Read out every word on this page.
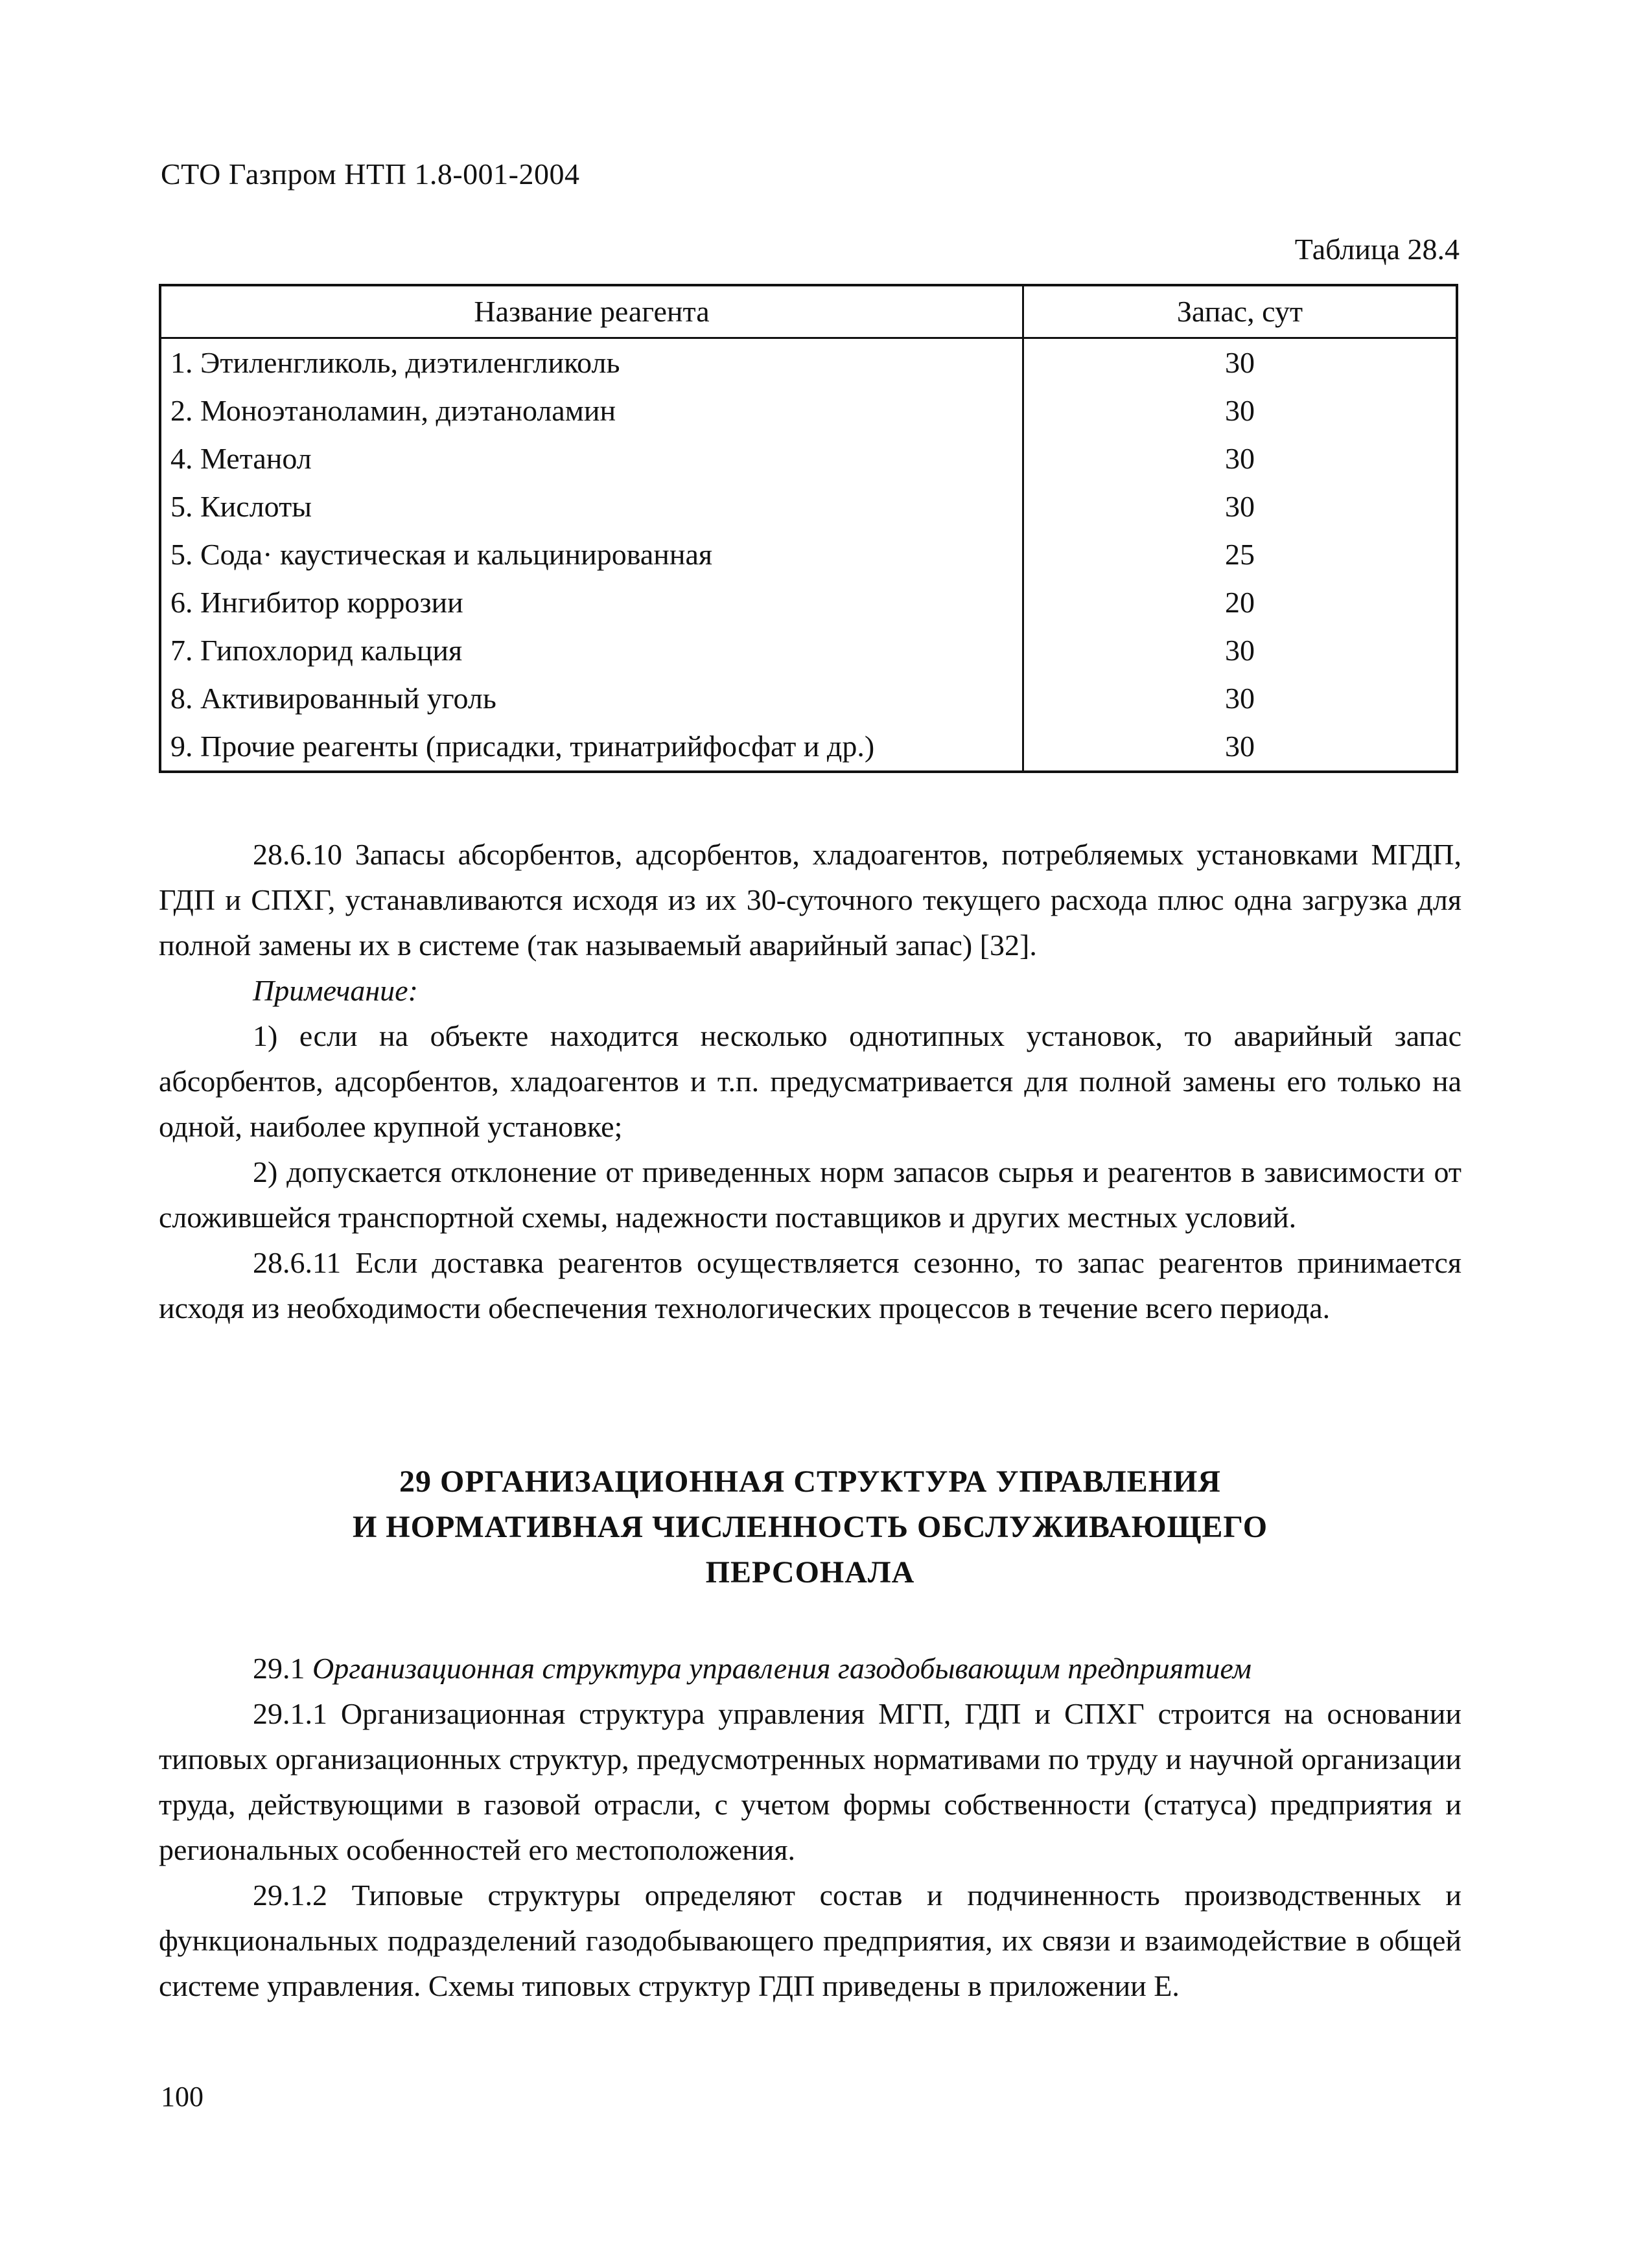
СТО Газпром НТП 1.8-001-2004
Таблица 28.4
Название реагента	Запас, сут
1. Этиленгликоль, диэтиленгликоль	30
2. Моноэтаноламин, диэтаноламин	30
4. Метанол	30
5. Кислоты	30
5. Сода· каустическая и кальцинированная	25
6. Ингибитор коррозии	20
7. Гипохлорид кальция	30
8. Активированный уголь	30
9. Прочие реагенты (присадки, тринатрийфосфат и др.)	30

28.6.10 Запасы абсорбентов, адсорбентов, хладоагентов, потребляемых установками МГДП, ГДП и СПХГ, устанавливаются исходя из их 30-суточного текущего расхода плюс одна загрузка для полной замены их в системе (так называемый аварийный запас) [32].

Примечание:

1) если на объекте находится несколько однотипных установок, то аварийный запас абсорбентов, адсорбентов, хладоагентов и т.п. предусматривается для полной замены его только на одной, наиболее крупной установке;

2) допускается отклонение от приведенных норм запасов сырья и реагентов в зависимости от сложившейся транспортной схемы, надежности поставщиков и других местных условий.

28.6.11 Если доставка реагентов осуществляется сезонно, то запас реагентов принимается исходя из необходимости обеспечения технологических процессов в течение всего периода.

29 ОРГАНИЗАЦИОННАЯ СТРУКТУРА УПРАВЛЕНИЯ
И НОРМАТИВНАЯ ЧИСЛЕННОСТЬ ОБСЛУЖИВАЮЩЕГО
ПЕРСОНАЛА

29.1 Организационная структура управления газодобывающим предприятием

29.1.1 Организационная структура управления МГП, ГДП и СПХГ строится на основании типовых организационных структур, предусмотренных нормативами по труду и научной организации труда, действующими в газовой отрасли, с учетом формы собственности (статуса) предприятия и региональных особенностей его местоположения.

29.1.2 Типовые структуры определяют состав и подчиненность производственных и функциональных подразделений газодобывающего предприятия, их связи и взаимодействие в общей системе управления. Схемы типовых структур ГДП приведены в приложении Е.

100
